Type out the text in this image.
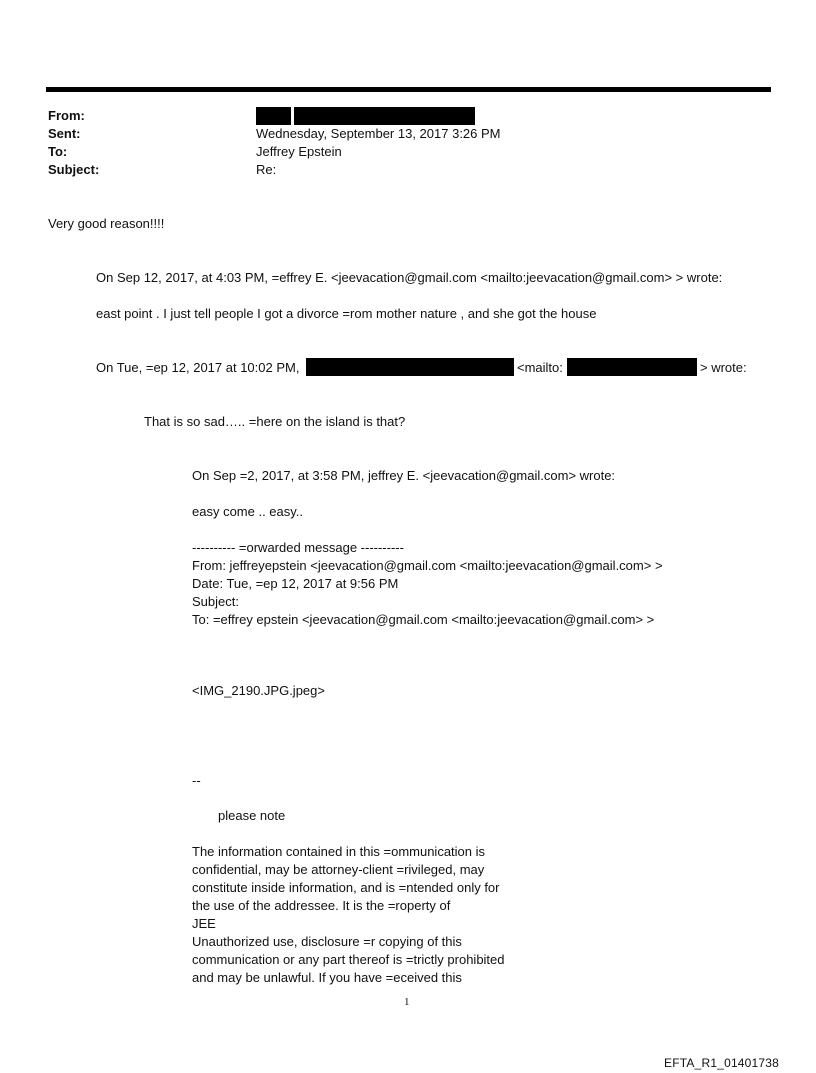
From:
Sent:
To:
Subject:
Wednesday, September 13, 2017 3:26 PM
Jeffrey Epstein
Re:
Very good reason!!!!
On Sep 12, 2017, at 4:03 PM, =effrey E. <jeevacation@gmail.com <mailto:jeevacation@gmail.com> > wrote:
east point . I just tell people I got a divorce =rom mother nature , and she got the house
On Tue, =ep 12, 2017 at 10:02 PM,	<mailto:	> wrote:
That is so sad….. =here on the island is that?
On Sep =2, 2017, at 3:58 PM, jeffrey E. <jeevacation@gmail.com> wrote:
easy come .. easy..
---------- =orwarded message ----------
From: jeffreyepstein <jeevacation@gmail.com <mailto:jeevacation@gmail.com> >
Date: Tue, =ep 12, 2017 at 9:56 PM
Subject:
To: =effrey epstein <jeevacation@gmail.com <mailto:jeevacation@gmail.com> >
<IMG_2190.JPG.jpeg>
--
please note
The information contained in this =ommunication is
confidential, may be attorney-client =rivileged, may
constitute inside information, and is =ntended only for
the use of the addressee. It is the =roperty of
JEE
Unauthorized use, disclosure =r copying of this
communication or any part thereof is =trictly prohibited
and may be unlawful. If you have =eceived this
1
EFTA_R1_01401738
